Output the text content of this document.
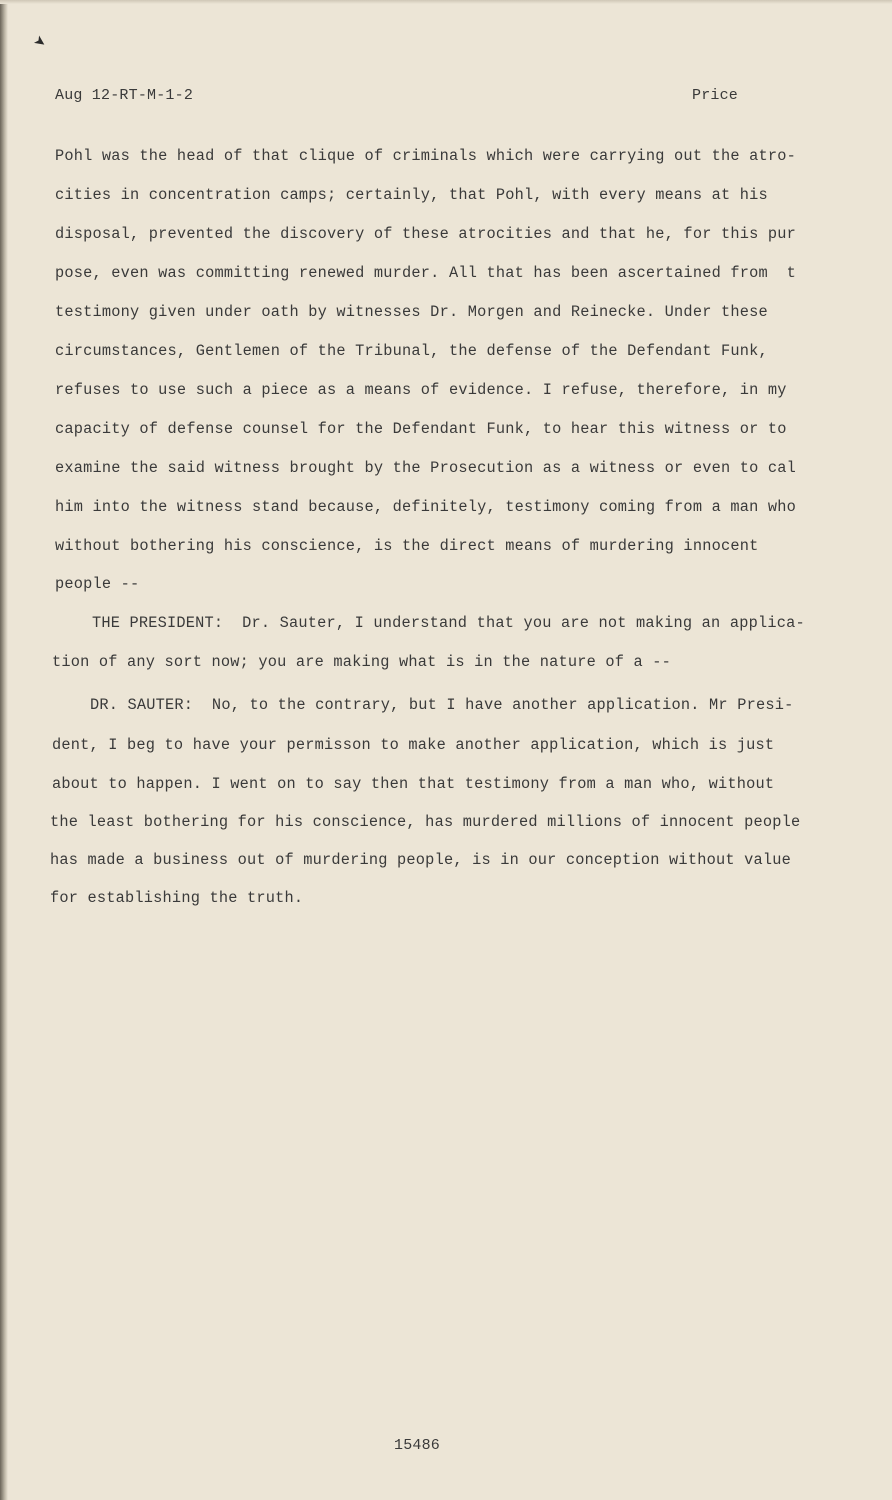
➤
Aug 12-RT-M-1-2	Price
Pohl was the head of that clique of criminals which were carrying out the atro-
cities in concentration camps; certainly, that Pohl, with every means at his
disposal, prevented the discovery of these atrocities and that he, for this pur
pose, even was committing renewed murder. All that has been ascertained from  t
testimony given under oath by witnesses Dr. Morgen and Reinecke. Under these
circumstances, Gentlemen of the Tribunal, the defense of the Defendant Funk,
refuses to use such a piece as a means of evidence. I refuse, therefore, in my
capacity of defense counsel for the Defendant Funk, to hear this witness or to
examine the said witness brought by the Prosecution as a witness or even to cal
him into the witness stand because, definitely, testimony coming from a man who
without bothering his conscience, is the direct means of murdering innocent
people --
THE PRESIDENT:  Dr. Sauter, I understand that you are not making an applica-
tion of any sort now; you are making what is in the nature of a --
DR. SAUTER:  No, to the contrary, but I have another application. Mr Presi-
dent, I beg to have your permisson to make another application, which is just
about to happen. I went on to say then that testimony from a man who, without
the least bothering for his conscience, has murdered millions of innocent people
has made a business out of murdering people, is in our conception without value
for establishing the truth.
15486
